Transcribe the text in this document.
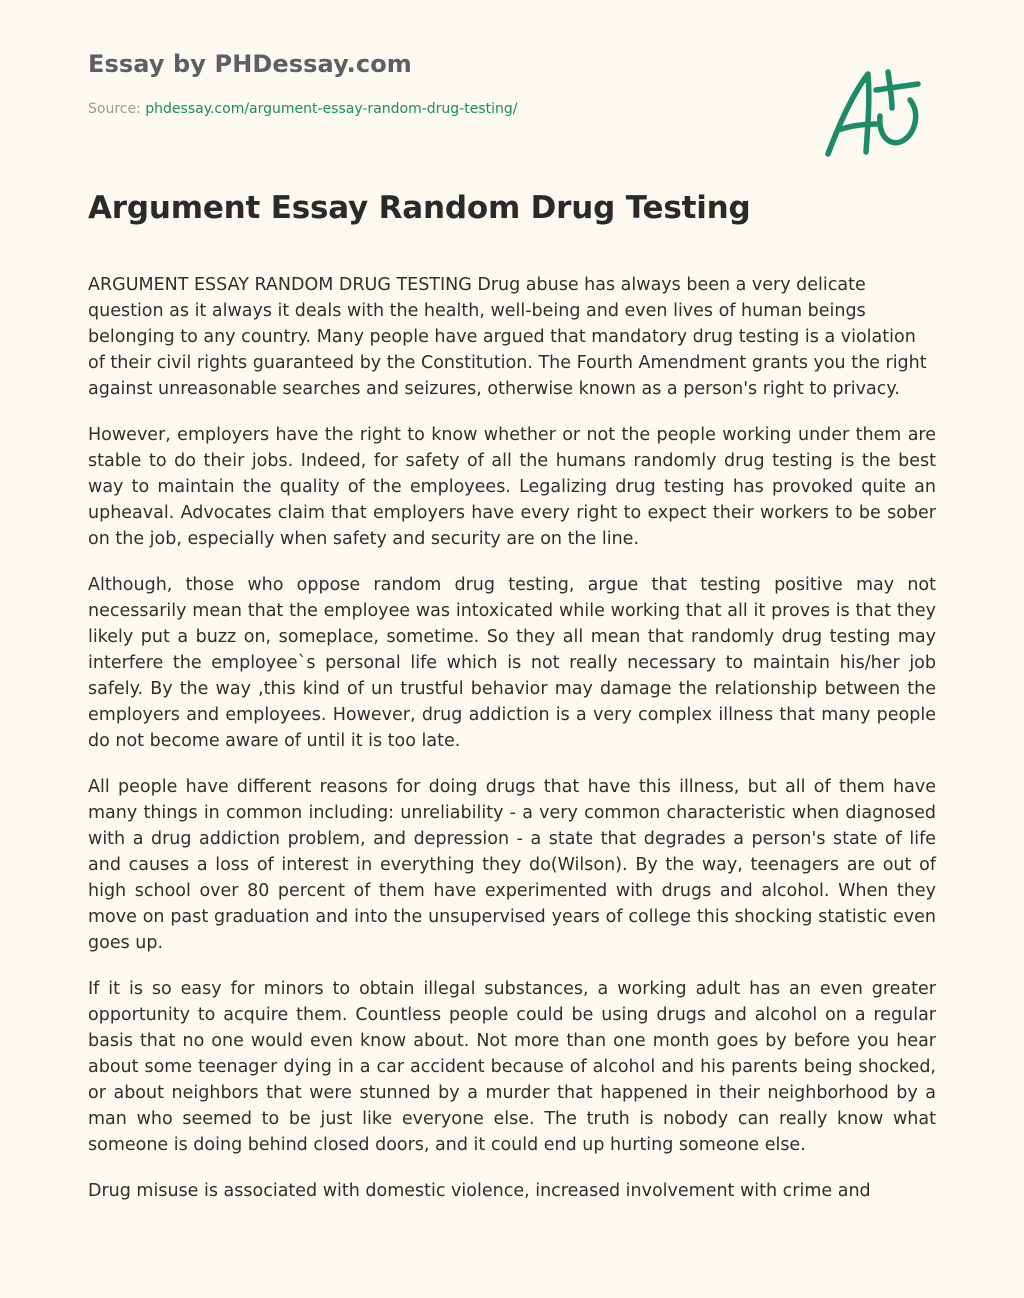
Essay by PHDessay.com
Source: phdessay.com/argument-essay-random-drug-testing/
Argument Essay Random Drug Testing

ARGUMENT ESSAY RANDOM DRUG TESTING Drug abuse has always been a very delicate question as it always it deals with the health, well-being and even lives of human beings belonging to any country. Many people have argued that mandatory drug testing is a violation of their civil rights guaranteed by the Constitution. The Fourth Amendment grants you the right against unreasonable searches and seizures, otherwise known as a person's right to privacy.

However, employers have the right to know whether or not the people working under them are stable to do their jobs. Indeed, for safety of all the humans randomly drug testing is the best way to maintain the quality of the employees. Legalizing drug testing has provoked quite an upheaval. Advocates claim that employers have every right to expect their workers to be sober on the job, especially when safety and security are on the line.

Although, those who oppose random drug testing, argue that testing positive may not necessarily mean that the employee was intoxicated while working that all it proves is that they likely put a buzz on, someplace, sometime. So they all mean that randomly drug testing may interfere the employee`s personal life which is not really necessary to maintain his/her job safely. By the way ,this kind of un trustful behavior may damage the relationship between the employers and employees. However, drug addiction is a very complex illness that many people do not become aware of until it is too late.

All people have different reasons for doing drugs that have this illness, but all of them have many things in common including: unreliability - a very common characteristic when diagnosed with a drug addiction problem, and depression - a state that degrades a person's state of life and causes a loss of interest in everything they do(Wilson). By the way, teenagers are out of high school over 80 percent of them have experimented with drugs and alcohol. When they move on past graduation and into the unsupervised years of college this shocking statistic even goes up.

If it is so easy for minors to obtain illegal substances, a working adult has an even greater opportunity to acquire them. Countless people could be using drugs and alcohol on a regular basis that no one would even know about. Not more than one month goes by before you hear about some teenager dying in a car accident because of alcohol and his parents being shocked, or about neighbors that were stunned by a murder that happened in their neighborhood by a man who seemed to be just like everyone else. The truth is nobody can really know what someone is doing behind closed doors, and it could end up hurting someone else.

Drug misuse is associated with domestic violence, increased involvement with crime and
